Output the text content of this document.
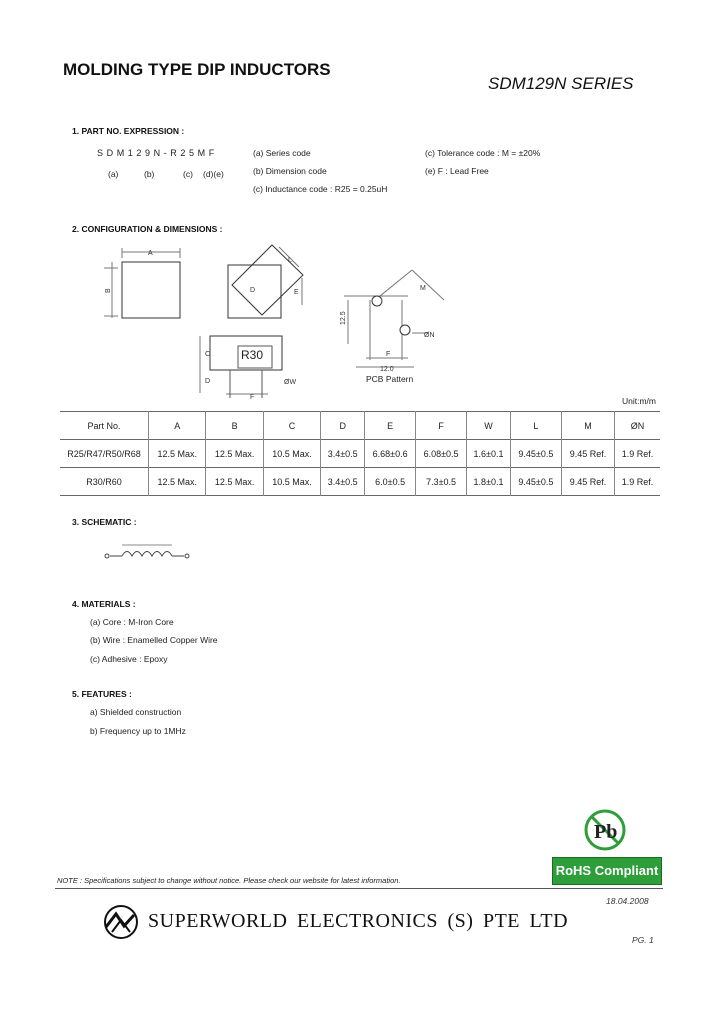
MOLDING TYPE DIP INDUCTORS
SDM129N SERIES
1. PART NO. EXPRESSION :
SDM129N-R25MF
(a)	(b)	(c) (d)(e)
(a) Series code
(b) Dimension code
(c) Inductance code : R25 = 0.25uH
(c) Tolerance code : M = ±20%
(e) F : Lead Free
2. CONFIGURATION & DIMENSIONS :
A
B
L
E
D
C
D
F
ØW
M
ØN
F
12.5
12.0
R30
PCB Pattern
Unit:m/m
Part No.	A	B	C	D	E	F	W	L	M	ØN
R25/R47/R50/R68	12.5 Max.	12.5 Max.	10.5 Max.	3.4±0.5	6.68±0.6	6.08±0.5	1.6±0.1	9.45±0.5	9.45 Ref.	1.9 Ref.
R30/R60	12.5 Max.	12.5 Max.	10.5 Max.	3.4±0.5	6.0±0.5	7.3±0.5	1.8±0.1	9.45±0.5	9.45 Ref.	1.9 Ref.
3. SCHEMATIC :
4. MATERIALS :
(a) Core : M-Iron Core
(b) Wire : Enamelled Copper Wire
(c) Adhesive : Epoxy
5. FEATURES :
a) Shielded construction
b) Frequency up to 1MHz
Pb
RoHS Compliant
NOTE : Specifications subject to change without notice. Please check our website for latest information.
18.04.2008
SUPERWORLD ELECTRONICS (S) PTE LTD
PG. 1
